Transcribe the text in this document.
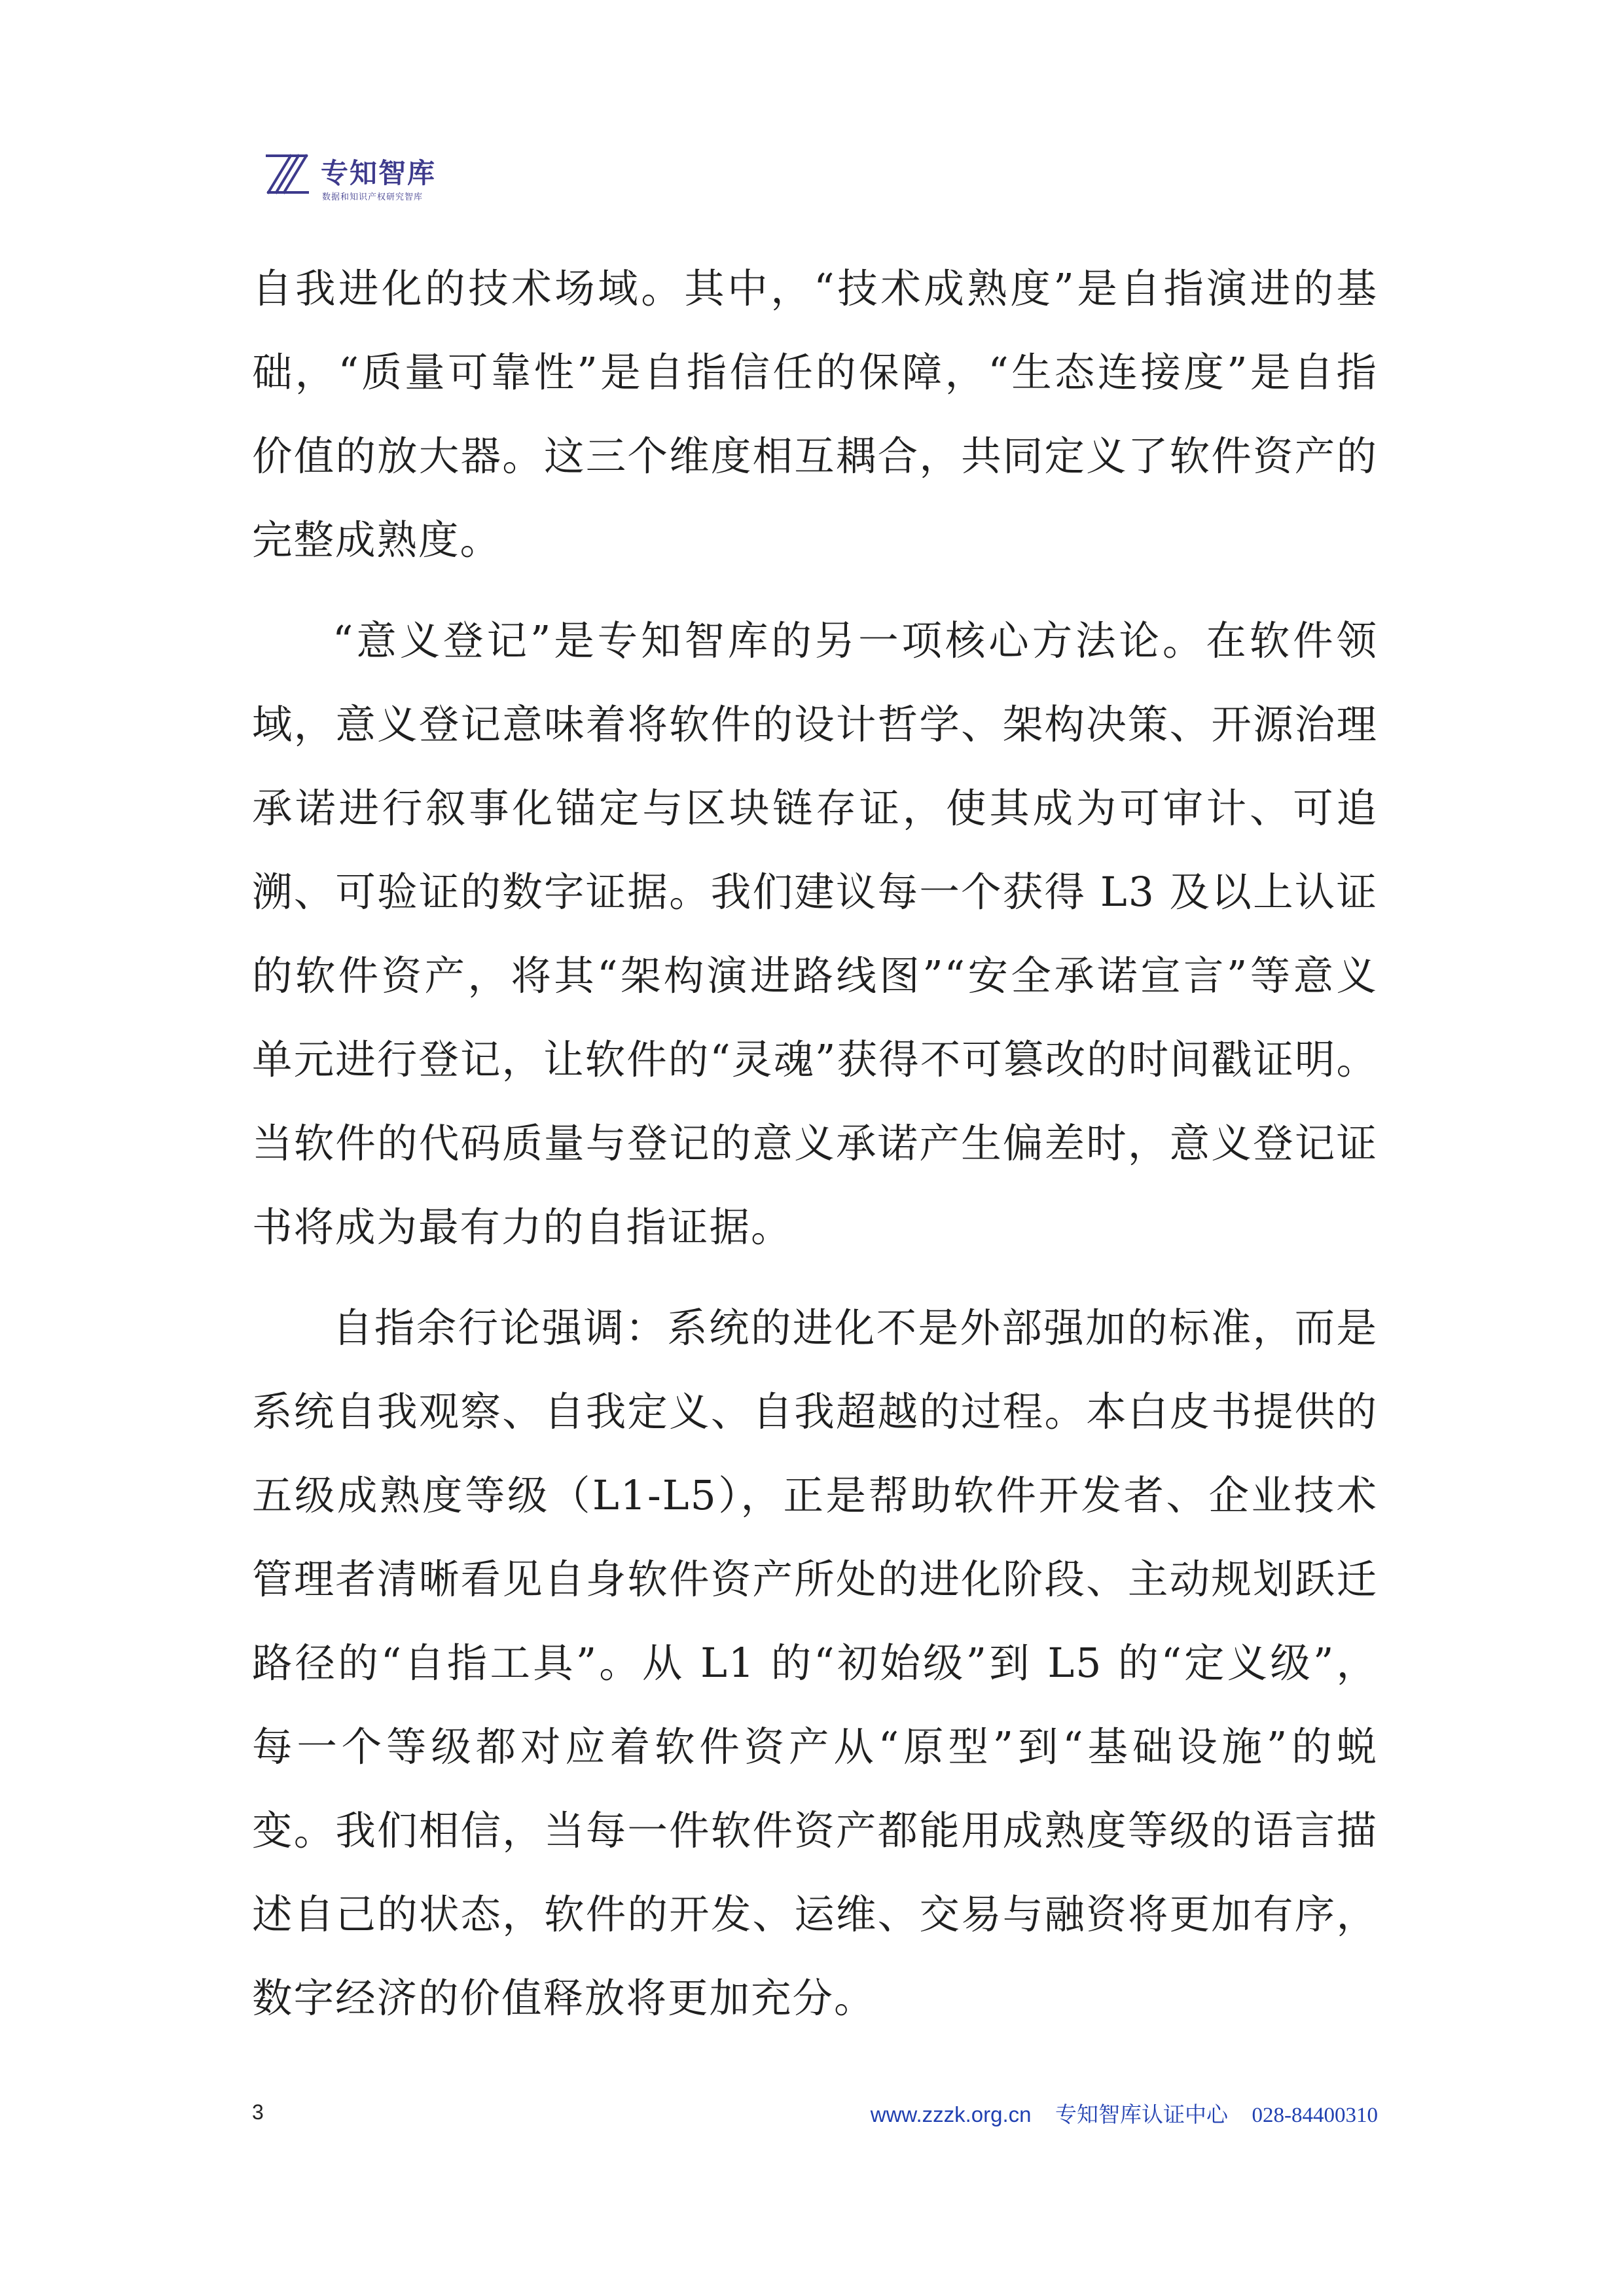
专知智库
数据和知识产权研究智库

自我进化的技术场域。其中，“技术成熟度”是自指演进的基础，“质量可靠性”是自指信任的保障，“生态连接度”是自指价值的放大器。这三个维度相互耦合，共同定义了软件资产的完整成熟度。

“意义登记”是专知智库的另一项核心方法论。在软件领域，意义登记意味着将软件的设计哲学、架构决策、开源治理承诺进行叙事化锚定与区块链存证，使其成为可审计、可追溯、可验证的数字证据。我们建议每一个获得 L3 及以上认证的软件资产，将其“架构演进路线图”“安全承诺宣言”等意义单元进行登记，让软件的“灵魂”获得不可篡改的时间戳证明。当软件的代码质量与登记的意义承诺产生偏差时，意义登记证书将成为最有力的自指证据。

自指余行论强调：系统的进化不是外部强加的标准，而是系统自我观察、自我定义、自我超越的过程。本白皮书提供的五级成熟度等级（L1-L5），正是帮助软件开发者、企业技术管理者清晰看见自身软件资产所处的进化阶段、主动规划跃迁路径的“自指工具”。从 L1 的“初始级”到 L5 的“定义级”，每一个等级都对应着软件资产从“原型”到“基础设施”的蜕变。我们相信，当每一件软件资产都能用成熟度等级的语言描述自己的状态，软件的开发、运维、交易与融资将更加有序，数字经济的价值释放将更加充分。

3	www.zzzk.org.cn 专知智库认证中心 028-84400310
